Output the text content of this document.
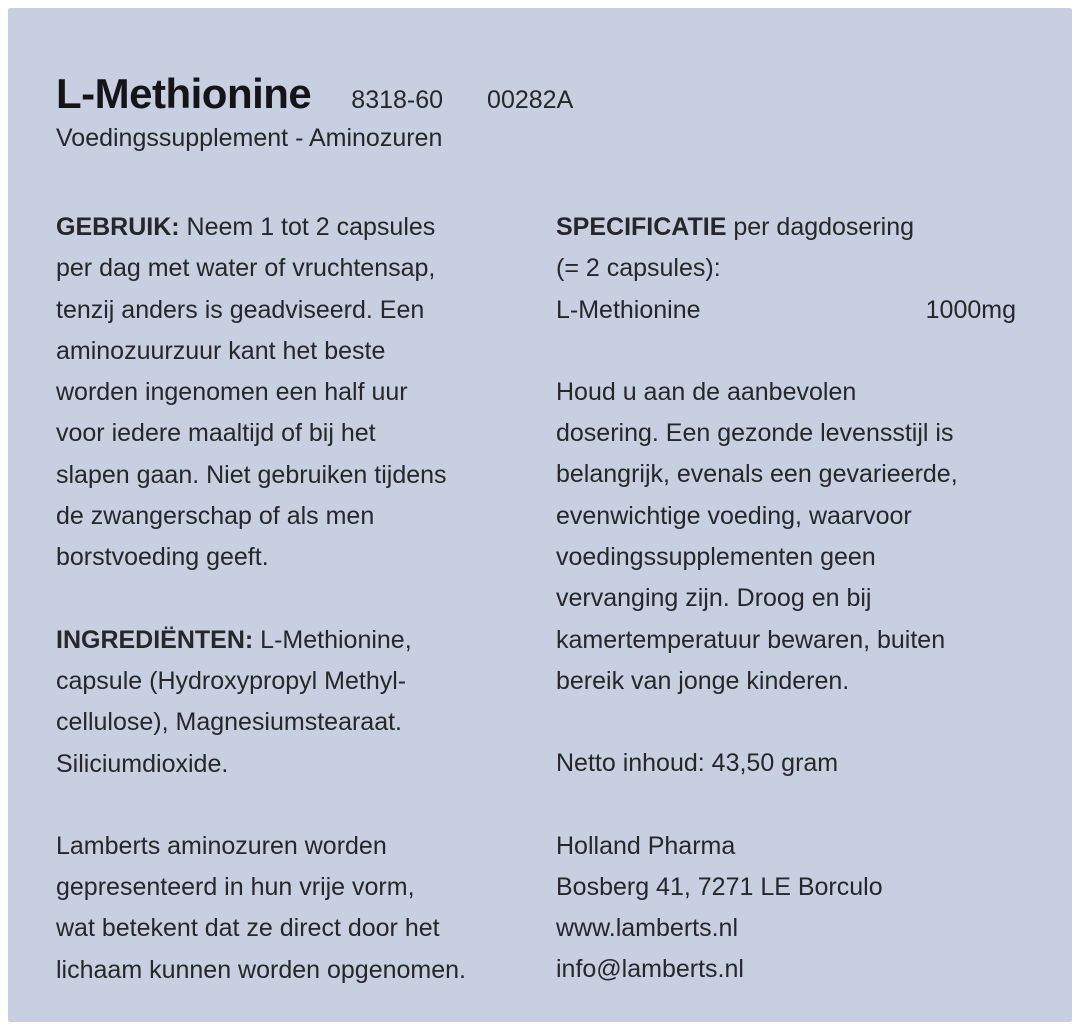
L-Methionine 8318-60 00282A
Voedingssupplement - Aminozuren
GEBRUIK: Neem 1 tot 2 capsules
per dag met water of vruchtensap,
tenzij anders is geadviseerd. Een
aminozuurzuur kant het beste
worden ingenomen een half uur
voor iedere maaltijd of bij het
slapen gaan. Niet gebruiken tijdens
de zwangerschap of als men
borstvoeding geeft.
INGREDIËNTEN: L-Methionine,
capsule (Hydroxypropyl Methyl-
cellulose), Magnesiumstearaat.
Siliciumdioxide.
Lamberts aminozuren worden
gepresenteerd in hun vrije vorm,
wat betekent dat ze direct door het
lichaam kunnen worden opgenomen.
SPECIFICATIE per dagdosering
(= 2 capsules):
L-Methionine	1000mg
Houd u aan de aanbevolen
dosering. Een gezonde levensstijl is
belangrijk, evenals een gevarieerde,
evenwichtige voeding, waarvoor
voedingssupplementen geen
vervanging zijn. Droog en bij
kamertemperatuur bewaren, buiten
bereik van jonge kinderen.
Netto inhoud: 43,50 gram
Holland Pharma
Bosberg 41, 7271 LE Borculo
www.lamberts.nl
info@lamberts.nl
